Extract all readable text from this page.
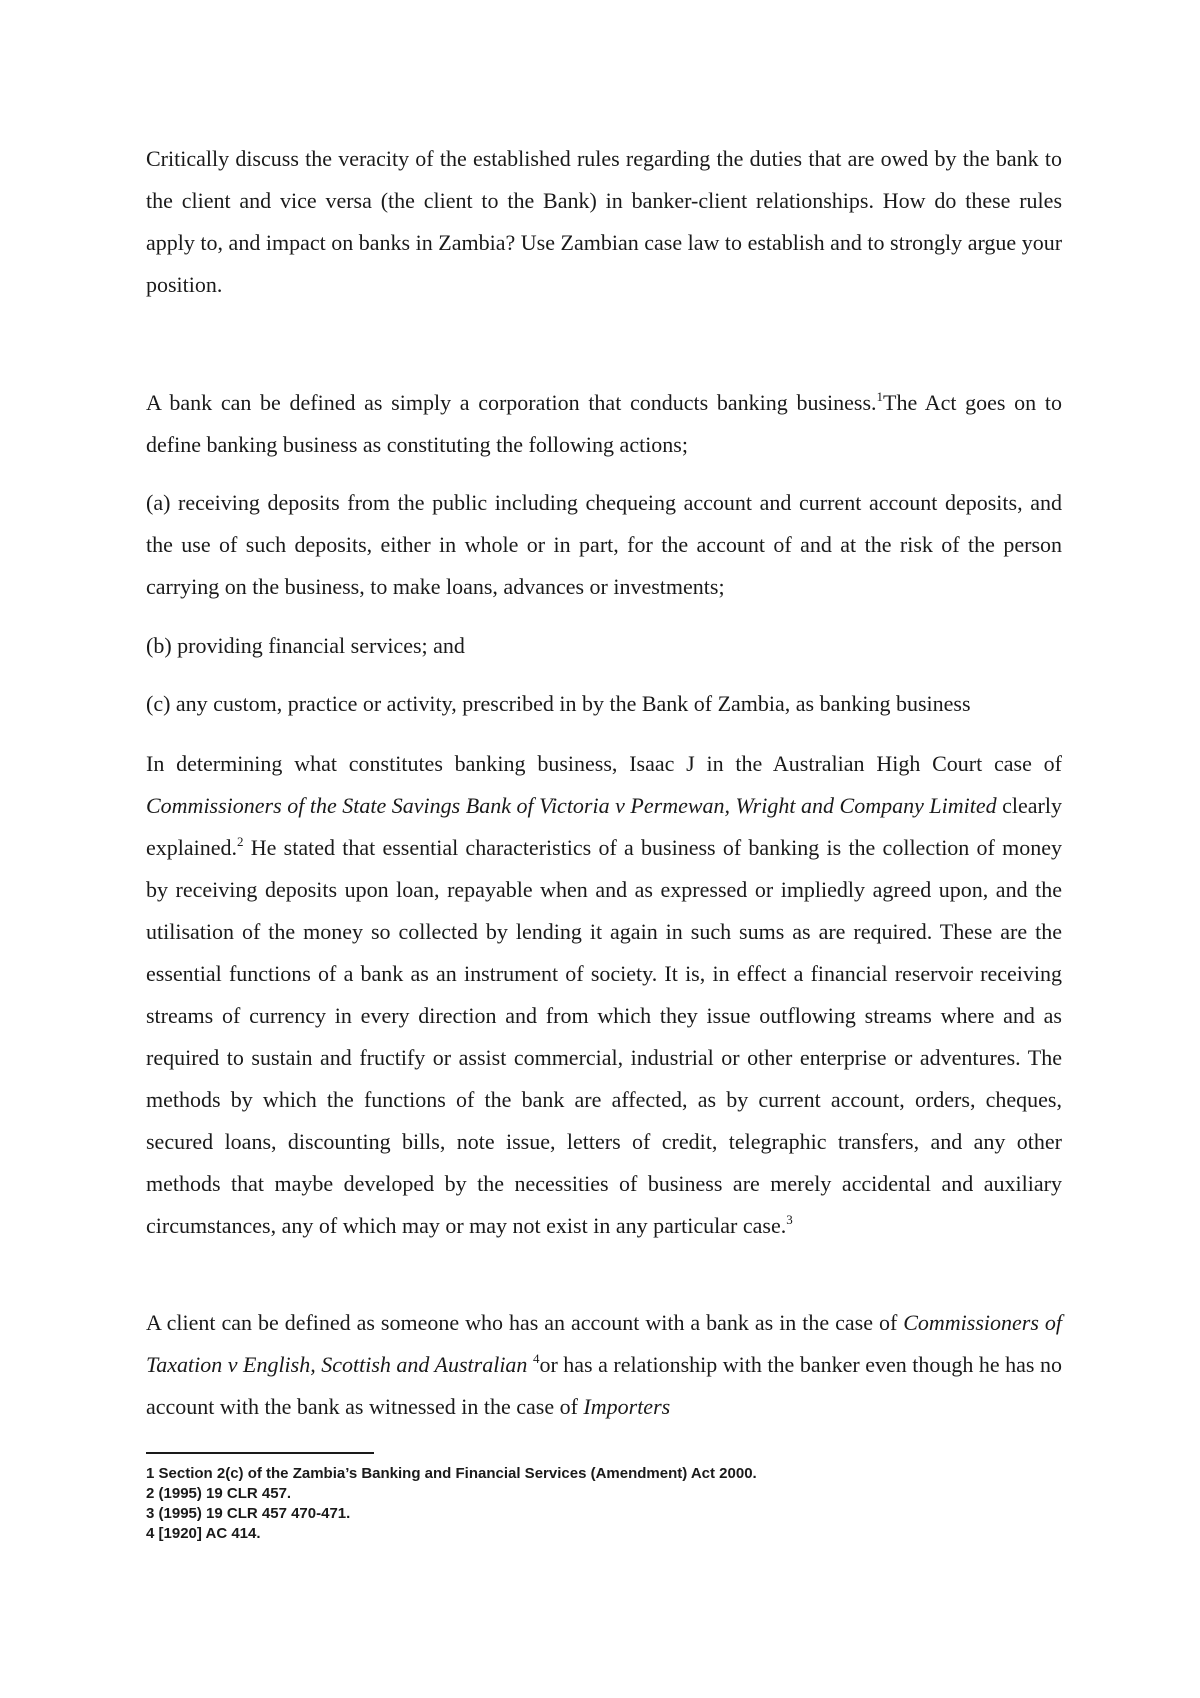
Critically discuss the veracity of the established rules regarding the duties that are owed by the bank to the client and vice versa (the client to the Bank) in banker-client relationships. How do these rules apply to, and impact on banks in Zambia? Use Zambian case law to establish and to strongly argue your position.

A bank can be defined as simply a corporation that conducts banking business.$^1$The Act goes on to define banking business as constituting the following actions;

(a) receiving deposits from the public including chequeing account and current account deposits, and the use of such deposits, either in whole or in part, for the account of and at the risk of the person carrying on the business, to make loans, advances or investments;

(b) providing financial services; and

(c) any custom, practice or activity, prescribed in by the Bank of Zambia, as banking business

In determining what constitutes banking business, Isaac J in the Australian High Court case of Commissioners of the State Savings Bank of Victoria v Permewan, Wright and Company Limited clearly explained.$^2$ He stated that essential characteristics of a business of banking is the collection of money by receiving deposits upon loan, repayable when and as expressed or impliedly agreed upon, and the utilisation of the money so collected by lending it again in such sums as are required. These are the essential functions of a bank as an instrument of society. It is, in effect a financial reservoir receiving streams of currency in every direction and from which they issue outflowing streams where and as required to sustain and fructify or assist commercial, industrial or other enterprise or adventures. The methods by which the functions of the bank are affected, as by current account, orders, cheques, secured loans, discounting bills, note issue, letters of credit, telegraphic transfers, and any other methods that maybe developed by the necessities of business are merely accidental and auxiliary circumstances, any of which may or may not exist in any particular case.$^3$

A client can be defined as someone who has an account with a bank as in the case of Commissioners of Taxation v English, Scottish and Australian $^4$or has a relationship with the banker even though he has no account with the bank as witnessed in the case of Importers

1 Section 2(c) of the Zambia’s Banking and Financial Services (Amendment) Act 2000.
2 (1995) 19 CLR 457.
3 (1995) 19 CLR 457 470-471.
4 [1920] AC 414.
